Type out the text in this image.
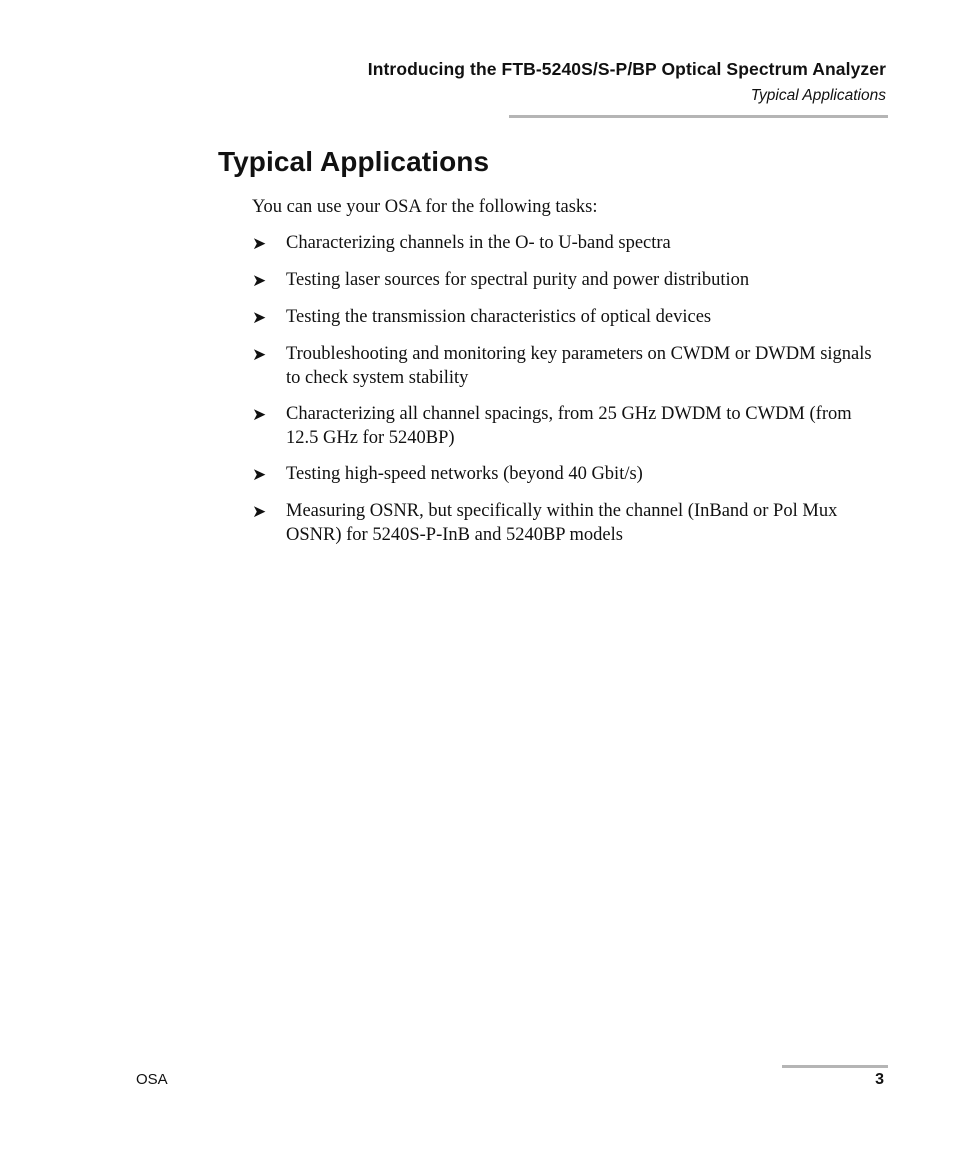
Introducing the FTB-5240S/S-P/BP Optical Spectrum Analyzer
Typical Applications
Typical Applications

You can use your OSA for the following tasks:

➤	Characterizing channels in the O- to U-band spectra
➤	Testing laser sources for spectral purity and power distribution
➤	Testing the transmission characteristics of optical devices
➤	Troubleshooting and monitoring key parameters on CWDM or DWDM signals to check system stability
➤	Characterizing all channel spacings, from 25 GHz DWDM to CWDM (from 12.5 GHz for 5240BP)
➤	Testing high-speed networks (beyond 40 Gbit/s)
➤	Measuring OSNR, but specifically within the channel (InBand or Pol Mux OSNR) for 5240S-P-InB and 5240BP models
OSA	3
